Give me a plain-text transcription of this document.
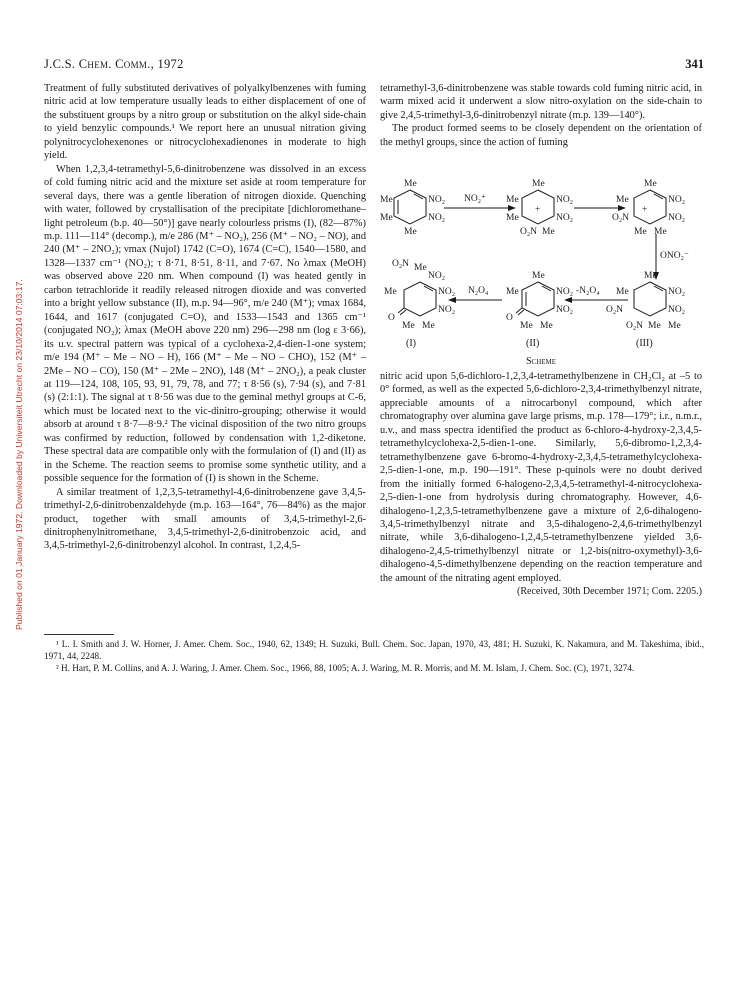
Published on 01 January 1972. Downloaded by Universiteit Utrecht on 23/10/2014 07:03:17.
J.C.S. Chem. Comm., 1972	341

Treatment of fully substituted derivatives of polyalkylbenzenes with fuming nitric acid at low temperature usually leads to either displacement of one of the substituent groups by a nitro group or substitution on the alkyl side-chain to yield benzylic compounds.¹ We report here an unusual nitration giving polynitrocyclohexenones or nitrocyclohexadienones in moderate to high yield.

When 1,2,3,4-tetramethyl-5,6-dinitrobenzene was dissolved in an excess of cold fuming nitric acid and the mixture set aside at room temperature for several days, there was a gentle liberation of nitrogen dioxide. Quenching with water, followed by crystallisation of the precipitate [dichloromethane–light petroleum (b.p. 40—50°)] gave nearly colourless prisms (I), (82—87%) m.p. 111—114° (decomp.), m/e 286 (M⁺ – NO₂), 256 (M⁺ – NO₂ – NO), and 240 (M⁺ – 2NO₂); νmax (Nujol) 1742 (C=O), 1674 (C=C), 1540—1580, and 1328—1337 cm⁻¹ (NO₂); τ 8·71, 8·51, 8·11, and 7·67. No λmax (MeOH) was observed above 220 nm. When compound (I) was heated gently in carbon tetrachloride it readily released nitrogen dioxide and was converted into a bright yellow substance (II), m.p. 94—96°, m/e 240 (M⁺); νmax 1684, 1644, and 1617 (conjugated C=O), and 1533—1543 and 1365 cm⁻¹ (conjugated NO₂); λmax (MeOH above 220 nm) 296—298 nm (log ε 3·66), its u.v. spectral pattern was typical of a cyclohexa-2,4-dien-1-one system; m/e 194 (M⁺ – Me – NO – H), 166 (M⁺ – Me – NO – CHO), 152 (M⁺ – 2Me – NO – CO), 150 (M⁺ – 2Me – 2NO), 148 (M⁺ – 2NO₂), a peak cluster at 119—124, 108, 105, 93, 91, 79, 78, and 77; τ 8·56 (s), 7·94 (s), and 7·81 (s) (2:1:1). The signal at τ 8·56 was due to the geminal methyl groups at C-6, which must be located next to the vic-dinitro-grouping; otherwise it would absorb at around τ 8·7—8·9.² The vicinal disposition of the two nitro groups was confirmed by reduction, followed by condensation with 1,2-diketone. These spectral data are compatible only with the formulation of (I) and (II) as in the Scheme. The reaction seems to promise some synthetic utility, and a possible sequence for the formation of (I) is shown in the Scheme.

A similar treatment of 1,2,3,5-tetramethyl-4,6-dinitrobenzene gave 3,4,5-trimethyl-2,6-dinitrobenzaldehyde (m.p. 163—164°, 76—84%) as the major product, together with small amounts of 3,4,5-trimethyl-2,6-dinitrophenylnitromethane, 3,4,5-trimethyl-2,6-dinitrobenzoic acid, and 3,4,5-trimethyl-2,6-dinitrobenzyl alcohol. In contrast, 1,2,4,5-

tetramethyl-3,6-dinitrobenzene was stable towards cold fuming nitric acid, in warm mixed acid it underwent a slow nitro-oxylation on the side-chain to give 2,4,5-trimethyl-3,6-dinitrobenzyl nitrate (m.p. 139—140°).

The product formed seems to be closely dependent on the orientation of the methyl groups, since the action of fuming

Me
NO₂
NO₂
Me
Me
Me
NO₂⁺
Me
NO₂
NO₂
Me
Me
+
O₂N Me
Me
NO₂
NO₂
Me
O₂N
+
Me Me
ONO₂⁻
Me
NO₂
NO₂
Me
O₂N
O₂N Me Me
-N₂O₄
Me
NO₂
NO₂
Me
O
Me Me
N₂O₄
O₂N Me
NO₂
NO₂
NO₂
Me
O
Me Me
(I)	(II)	(III)
Scheme

nitric acid upon 5,6-dichloro-1,2,3,4-tetramethylbenzene in CH₂Cl₂ at –5 to 0° formed, as well as the expected 5,6-dichloro-2,3,4-trimethylbenzyl nitrate, appreciable amounts of a nitrocarbonyl compound, which after chromatography over alumina gave large prisms, m.p. 178—179°; i.r., n.m.r., u.v., and mass spectra identified the product as 6-chloro-4-hydroxy-2,3,4,5-tetramethylcyclohexa-2,5-dien-1-one. Similarly, 5,6-dibromo-1,2,3,4-tetramethylbenzene gave 6-bromo-4-hydroxy-2,3,4,5-tetramethylcyclohexa-2,5-dien-1-one, m.p. 190—191°. These p-quinols were no doubt derived from the initially formed 6-halogeno-2,3,4,5-tetramethyl-4-nitrocyclohexa-2,5-dien-1-one from hydrolysis during chromatography. However, 4,6-dihalogeno-1,2,3,5-tetramethylbenzene gave a mixture of 2,6-dihalogeno-3,4,5-trimethylbenzyl nitrate and 3,5-dihalogeno-2,4,6-trimethylbenzyl nitrate, while 3,6-dihalogeno-1,2,4,5-tetramethylbenzene yielded 3,6-dihalogeno-2,4,5-trimethylbenzyl nitrate or 1,2-bis(nitro-oxymethyl)-3,6-dihalogeno-4,5-dimethylbenzene depending on the reaction temperature and the amount of the nitrating agent employed.

(Received, 30th December 1971; Com. 2205.)

¹ L. I. Smith and J. W. Horner, J. Amer. Chem. Soc., 1940, 62, 1349; H. Suzuki, Bull. Chem. Soc. Japan, 1970, 43, 481; H. Suzuki, K. Nakamura, and M. Takeshima, ibid., 1971, 44, 2248.

² H. Hart, P. M. Collins, and A. J. Waring, J. Amer. Chem. Soc., 1966, 88, 1005; A. J. Waring, M. R. Morris, and M. M. Islam, J. Chem. Soc. (C), 1971, 3274.
